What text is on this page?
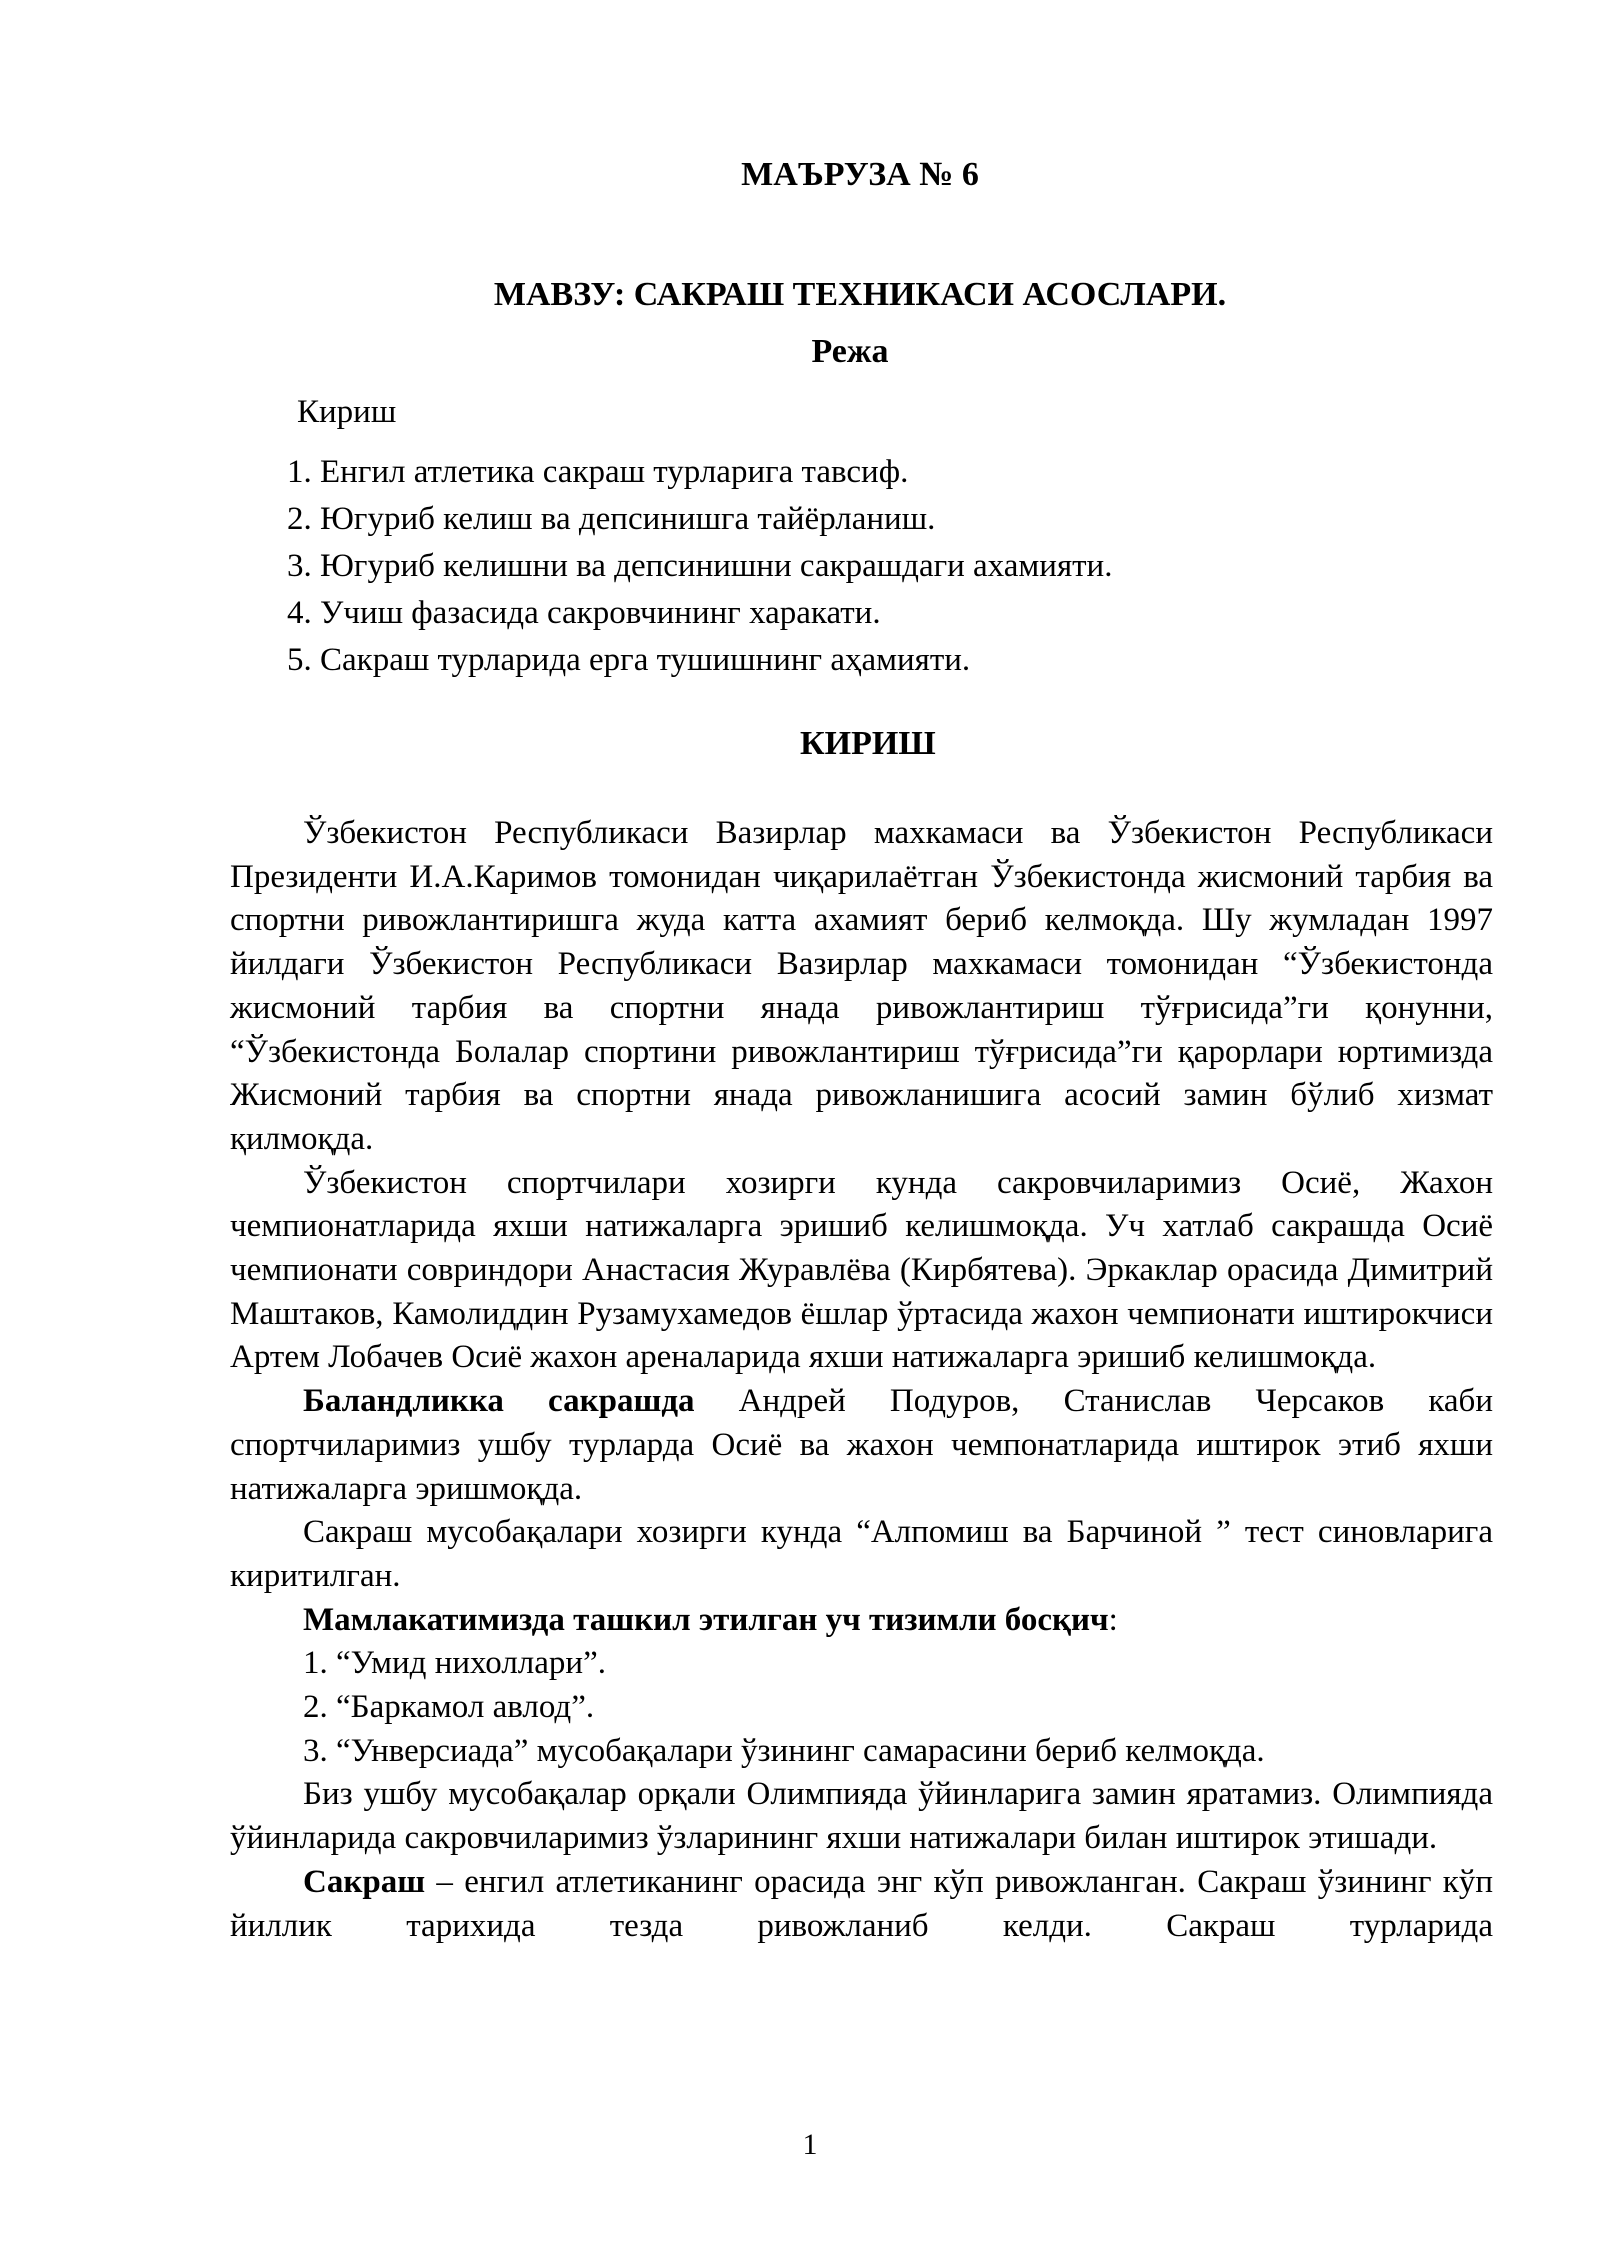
МАЪРУЗА № 6
МАВЗУ: САКРАШ ТЕХНИКАСИ АСОСЛАРИ.
Режа

Кириш

1. Енгил атлетика сакраш турларига тавсиф.
2. Югуриб келиш ва депсинишга тайёрланиш.
3. Югуриб келишни ва депсинишни сакрашдаги ахамияти.
4. Учиш фазасида сакровчининг харакати.
5. Сакраш турларида ерга тушишнинг аҳамияти.
КИРИШ

Ўзбекистон Республикаси Вазирлар махкамаси ва Ўзбекистон Республикаси Президенти И.А.Каримов томонидан чиқарилаётган Ўзбекистонда жисмоний тарбия ва спортни ривожлантиришга жуда катта ахамият бериб келмоқда. Шу жумладан 1997 йилдаги Ўзбекистон Республикаси Вазирлар махкамаси томонидан “Ўзбекистонда жисмоний тарбия ва спортни янада ривожлантириш тўғрисида”ги қонунни, “Ўзбекистонда Болалар спортини ривожлантириш тўғрисида”ги қарорлари юртимизда Жисмоний тарбия ва спортни янада ривожланишига асосий замин бўлиб хизмат қилмоқда.

Ўзбекистон спортчилари хозирги кунда сакровчиларимиз Осиё, Жахон чемпионатларида яхши натижаларга эришиб келишмоқда. Уч хатлаб сакрашда Осиё чемпионати совриндори Анастасия Журавлёва (Кирбятева). Эркаклар орасида Димитрий Маштаков, Камолиддин Рузамухамедов ёшлар ўртасида жахон чемпионати иштирокчиси Артем Лобачев Осиё жахон ареналарида яхши натижаларга эришиб келишмоқда.

Баландликка сакрашда Андрей Подуров, Станислав Черсаков каби спортчиларимиз ушбу турларда Осиё ва жахон чемпонатларида иштирок этиб яхши натижаларга эришмоқда.

Сакраш мусобақалари хозирги кунда “Алпомиш ва Барчиной ” тест синовларига киритилган.

Мамлакатимизда ташкил этилган уч тизимли босқич:

1. “Умид нихоллари”.

2. “Баркамол авлод”.

3. “Унверсиада” мусобақалари ўзининг самарасини бериб келмоқда.

Биз ушбу мусобақалар орқали Олимпияда ўйинларига замин яратамиз. Олимпияда ўйинларида сакровчиларимиз ўзларининг яхши натижалари билан иштирок этишади.

Сакраш – енгил атлетиканинг орасида энг кўп ривожланган. Сакраш ўзининг кўп йиллик тарихида тезда ривожланиб келди. Сакраш турларида

1
